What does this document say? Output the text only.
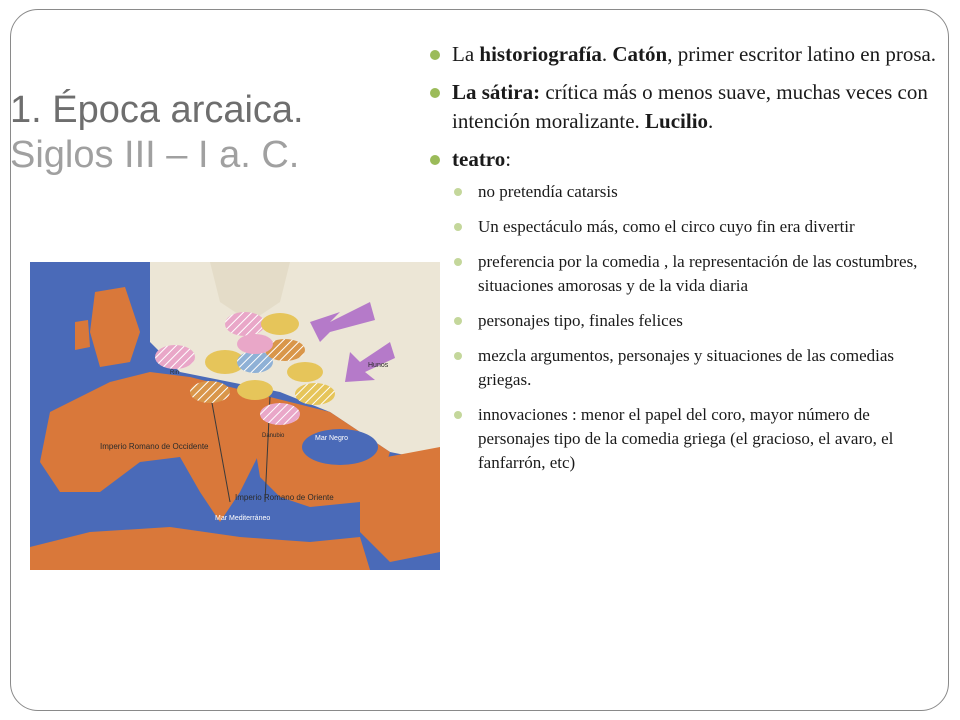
1. Época arcaica.
Siglos III – I a. C.
Imperio Romano de Occidente
Imperio Romano de Oriente
Mar Negro
Mar Mediterráneo
Danubio
Hunos
Rin
La historiografía. Catón, primer escritor latino en prosa.
La sátira: crítica más o menos suave, muchas veces con intención moralizante. Lucilio.
teatro:
no pretendía catarsis
Un espectáculo más, como el circo cuyo fin era divertir
preferencia por la comedia , la representación de las costumbres, situaciones amorosas y de la vida diaria
personajes tipo, finales felices
mezcla argumentos, personajes y situaciones de las comedias griegas.
innovaciones : menor el papel del coro, mayor número de personajes tipo de la comedia griega (el gracioso, el avaro, el fanfarrón, etc)
